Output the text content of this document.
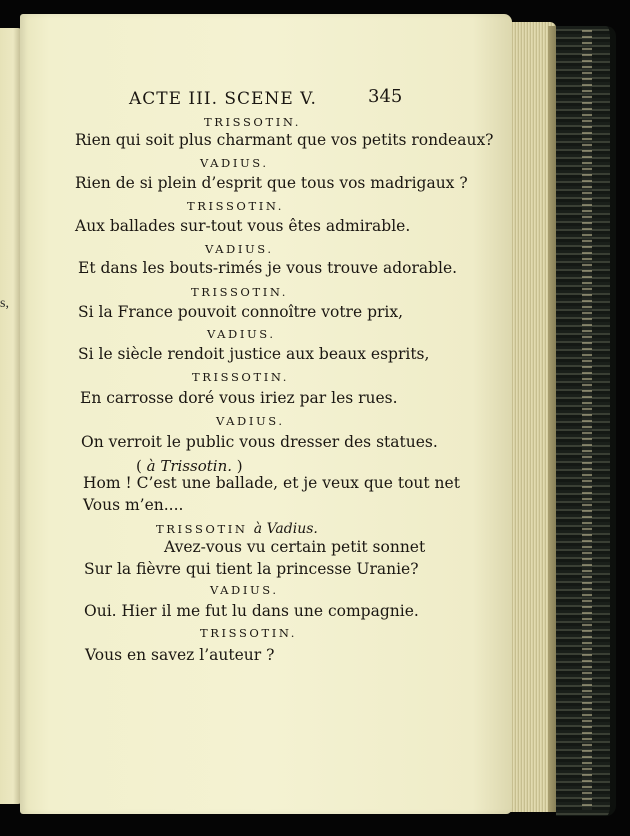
s,
ACTE III. SCENE V.	345
TRISSOTIN.
Rien qui soit plus charmant que vos petits rondeaux?
VADIUS.
Rien de si plein d’esprit que tous vos madrigaux ?
TRISSOTIN.
Aux ballades sur-tout vous êtes admirable.
VADIUS.
Et dans les bouts-rimés je vous trouve adorable.
TRISSOTIN.
Si la France pouvoit connoître votre prix,
VADIUS.
Si le siècle rendoit justice aux beaux esprits,
TRISSOTIN.
En carrosse doré vous iriez par les rues.
VADIUS.
On verroit le public vous dresser des statues.
( à Trissotin. )
Hom ! C’est une ballade, et je veux que tout net
Vous m’en....
TRISSOTIN à Vadius.
Avez-vous vu certain petit sonnet
Sur la fièvre qui tient la princesse Uranie?
VADIUS.
Oui. Hier il me fut lu dans une compagnie.
TRISSOTIN.
Vous en savez l’auteur ?
